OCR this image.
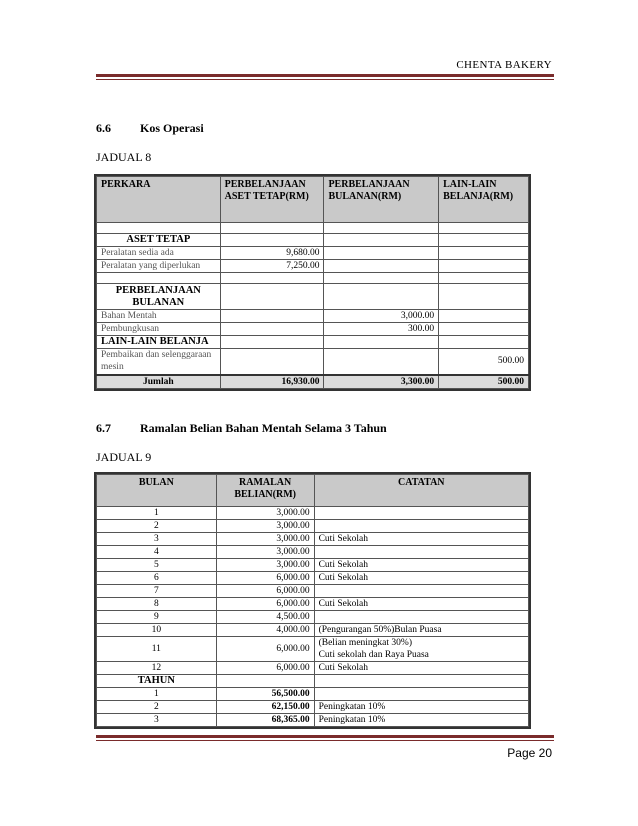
CHENTA BAKERY
6.6 Kos Operasi
JADUAL 8
PERKARA	PERBELANJAAN ASET TETAP(RM)	PERBELANJAAN BULANAN(RM)	LAIN-LAIN BELANJA(RM)

ASET TETAP			
Peralatan sedia ada	9,680.00		
Peralatan yang diperlukan	7,250.00		

PERBELANJAAN BULANAN			
Bahan Mentah		3,000.00	
Pembungkusan		300.00	
LAIN-LAIN BELANJA			
Pembaikan dan selenggaraan mesin			500.00
Jumlah	16,930.00	3,300.00	500.00
6.7 Ramalan Belian Bahan Mentah Selama 3 Tahun
JADUAL 9
BULAN	RAMALAN BELIAN(RM)	CATATAN
1	3,000.00	

2	3,000.00	

3	3,000.00	Cuti Sekolah

4	3,000.00	

5	3,000.00	Cuti Sekolah

6	6,000.00	Cuti Sekolah

7	6,000.00	

8	6,000.00	Cuti Sekolah

9	4,500.00	

10	4,000.00	(Pengurangan 50%)Bulan Puasa

11	6,000.00	(Belian meningkat 30%)
Cuti sekolah dan Raya Puasa

12	6,000.00	Cuti Sekolah

TAHUN		
1	56,500.00	
2	62,150.00	Peningkatan 10%
3	68,365.00	Peningkatan 10%
Page 20
